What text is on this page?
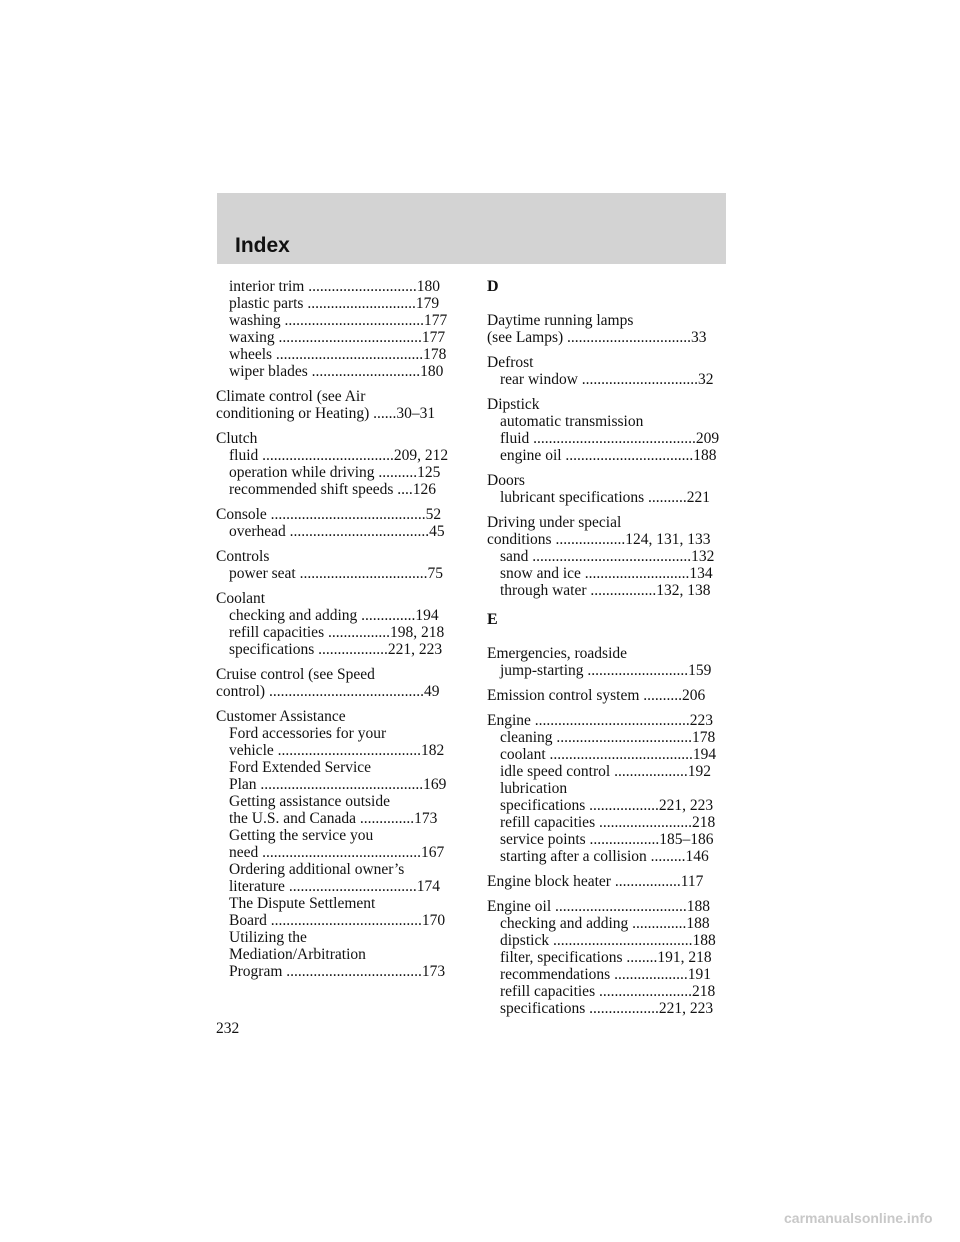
Index
interior trim ............................180
plastic parts ............................179
washing ....................................177
waxing .....................................177
wheels ......................................178
wiper blades ............................180
Climate control (see Air
conditioning or Heating) ......30–31
Clutch
fluid ..................................209, 212
operation while driving ..........125
recommended shift speeds ....126
Console ........................................52
overhead ....................................45
Controls
power seat .................................75
Coolant
checking and adding ..............194
refill capacities ................198, 218
specifications ..................221, 223
Cruise control (see Speed
control) ........................................49
Customer Assistance
Ford accessories for your
vehicle .....................................182
Ford Extended Service
Plan ..........................................169
Getting assistance outside
the U.S. and Canada ..............173
Getting the service you
need .........................................167
Ordering additional owner’s
literature .................................174
The Dispute Settlement
Board .......................................170
Utilizing the
Mediation/Arbitration
Program ...................................173
D
Daytime running lamps
(see Lamps) ................................33
Defrost
rear window ..............................32
Dipstick
automatic transmission
fluid ..........................................209
engine oil .................................188
Doors
lubricant specifications ..........221
Driving under special
conditions ..................124, 131, 133
sand .........................................132
snow and ice ...........................134
through water .................132, 138
E
Emergencies, roadside
jump-starting ..........................159
Emission control system ..........206
Engine ........................................223
cleaning ...................................178
coolant .....................................194
idle speed control ...................192
lubrication
specifications ..................221, 223
refill capacities ........................218
service points ..................185–186
starting after a collision .........146
Engine block heater .................117
Engine oil ..................................188
checking and adding ..............188
dipstick ....................................188
filter, specifications ........191, 218
recommendations ...................191
refill capacities ........................218
specifications ..................221, 223
232
carmanualsonline.info
